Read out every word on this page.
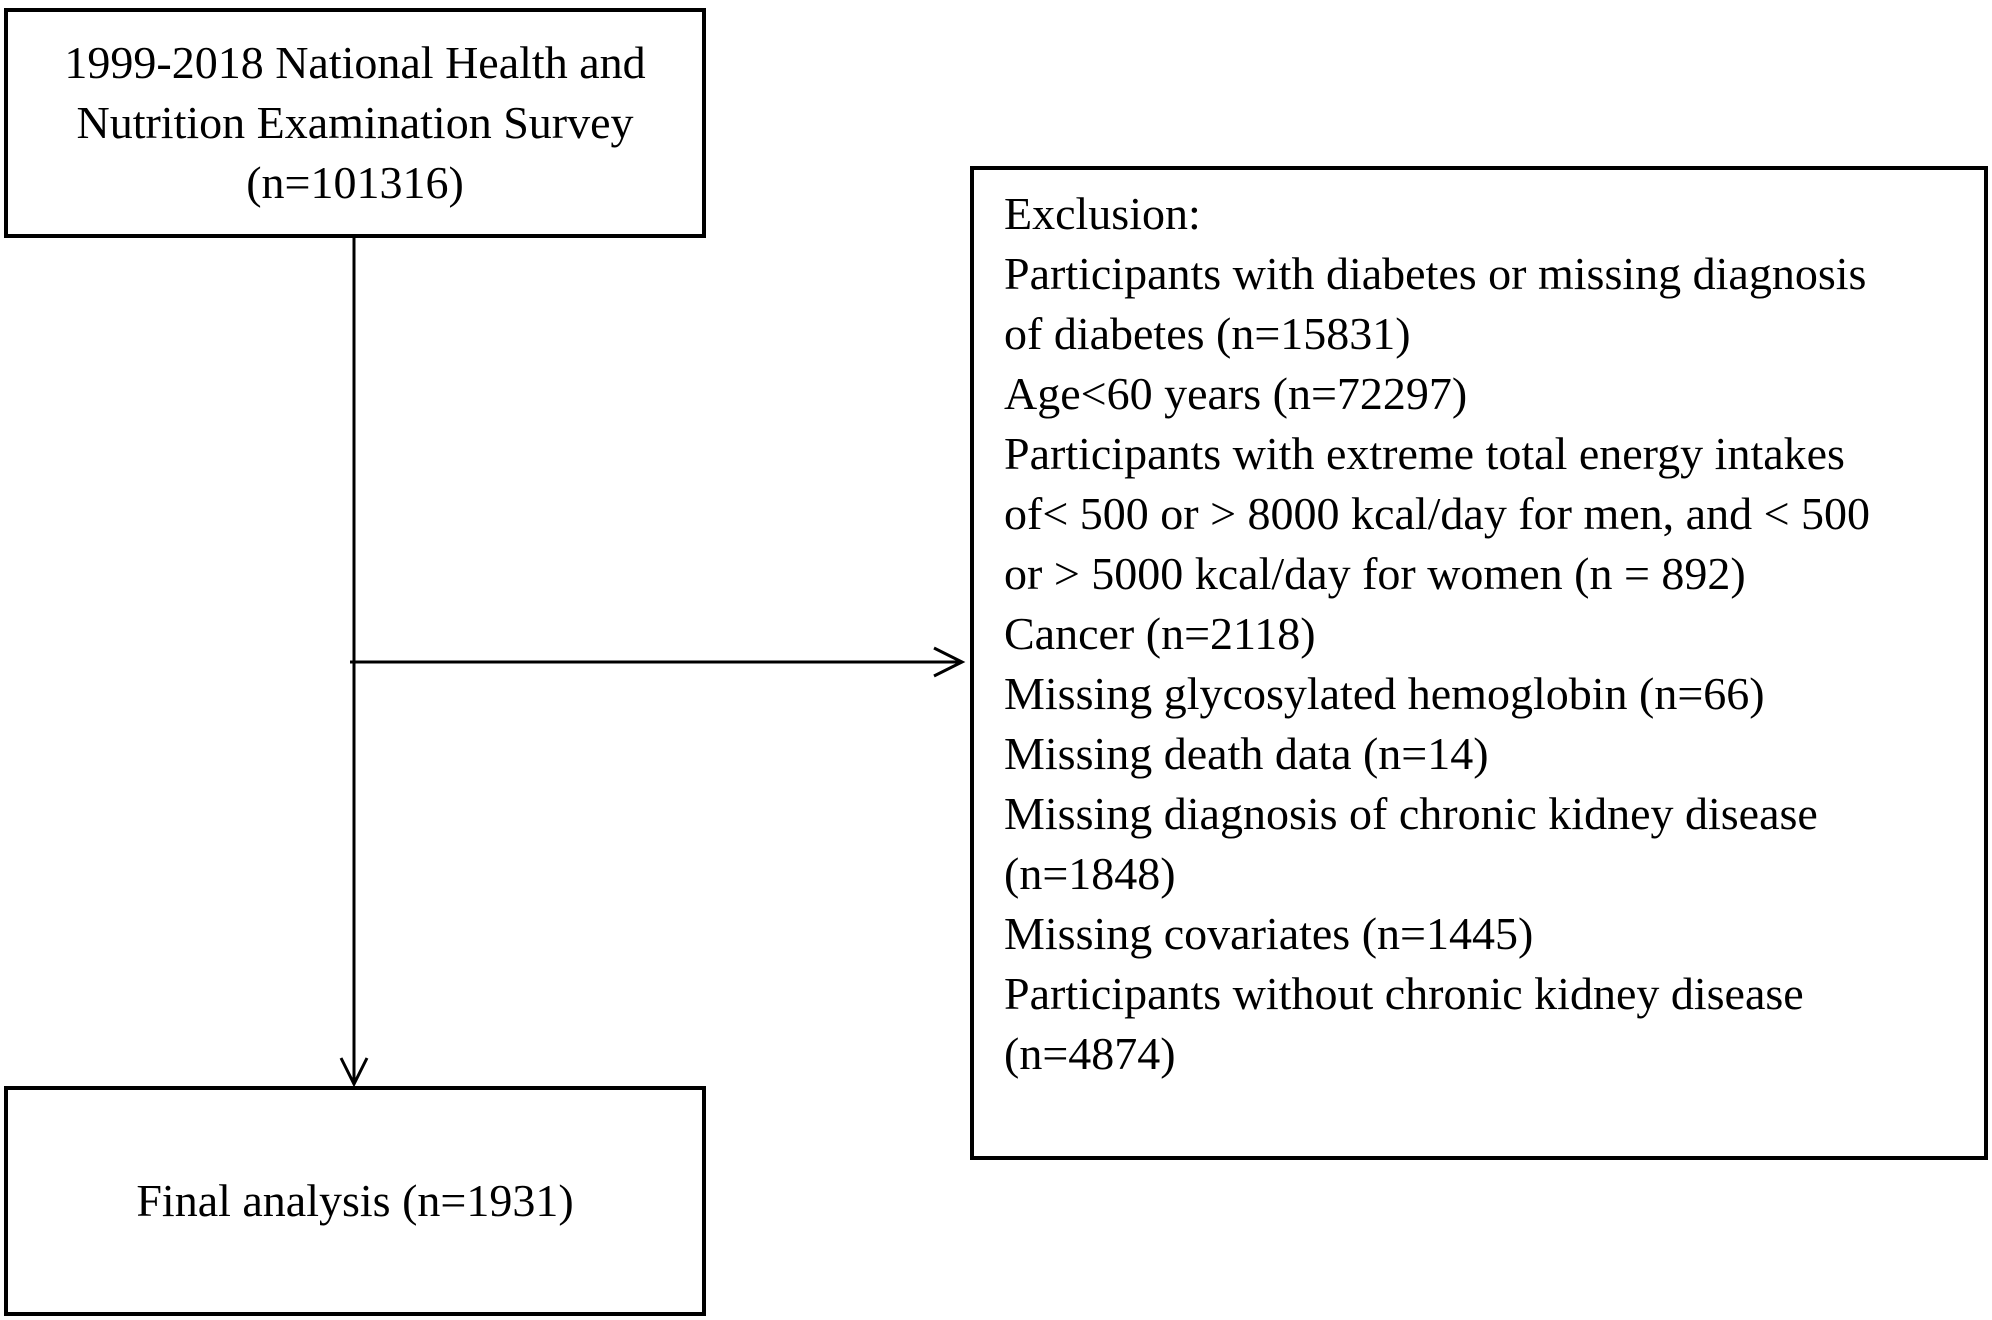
1999-2018 National Health and
Nutrition Examination Survey
(n=101316)
Exclusion:
Participants with diabetes or missing diagnosis
of diabetes (n=15831)
Age<60 years (n=72297)
Participants with extreme total energy intakes
of< 500 or > 8000 kcal/day for men, and < 500
or > 5000 kcal/day for women (n = 892)
Cancer (n=2118)
Missing glycosylated hemoglobin (n=66)
Missing death data (n=14)
Missing diagnosis of chronic kidney disease
(n=1848)
Missing covariates (n=1445)
Participants without chronic kidney disease
(n=4874)
Final analysis (n=1931)
